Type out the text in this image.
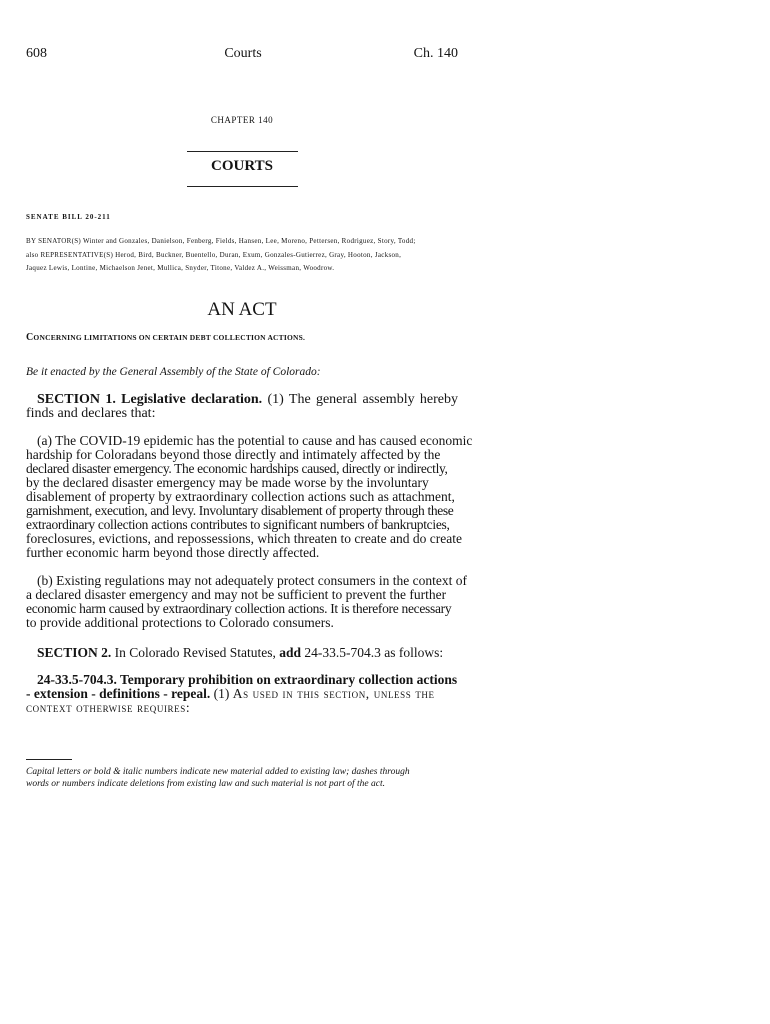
608	Courts	Ch. 140
CHAPTER 140
COURTS
SENATE BILL 20-211
BY SENATOR(S) Winter and Gonzales, Danielson, Fenberg, Fields, Hansen, Lee, Moreno, Pettersen, Rodriguez, Story, Todd;
also REPRESENTATIVE(S) Herod, Bird, Buckner, Buentello, Duran, Exum, Gonzales-Gutierrez, Gray, Hooton, Jackson,
Jaquez Lewis, Lontine, Michaelson Jenet, Mullica, Snyder, Titone, Valdez A., Weissman, Woodrow.
AN ACT
CONCERNING LIMITATIONS ON CERTAIN DEBT COLLECTION ACTIONS.
Be it enacted by the General Assembly of the State of Colorado:
SECTION 1. Legislative declaration. (1) The general assembly hereby finds and declares that:
(a) The COVID-19 epidemic has the potential to cause and has caused economic
hardship for Coloradans beyond those directly and intimately affected by the
declared disaster emergency. The economic hardships caused, directly or indirectly,
by the declared disaster emergency may be made worse by the involuntary
disablement of property by extraordinary collection actions such as attachment,
garnishment, execution, and levy. Involuntary disablement of property through these
extraordinary collection actions contributes to significant numbers of bankruptcies,
foreclosures, evictions, and repossessions, which threaten to create and do create
further economic harm beyond those directly affected.
(b) Existing regulations may not adequately protect consumers in the context of
a declared disaster emergency and may not be sufficient to prevent the further
economic harm caused by extraordinary collection actions. It is therefore necessary
to provide additional protections to Colorado consumers.
SECTION 2. In Colorado Revised Statutes, add 24-33.5-704.3 as follows:
24-33.5-704.3. Temporary prohibition on extraordinary collection actions
- extension - definitions - repeal. (1) As used in this section, unless the
context otherwise requires:
Capital letters or bold & italic numbers indicate new material added to existing law; dashes through
words or numbers indicate deletions from existing law and such material is not part of the act.
